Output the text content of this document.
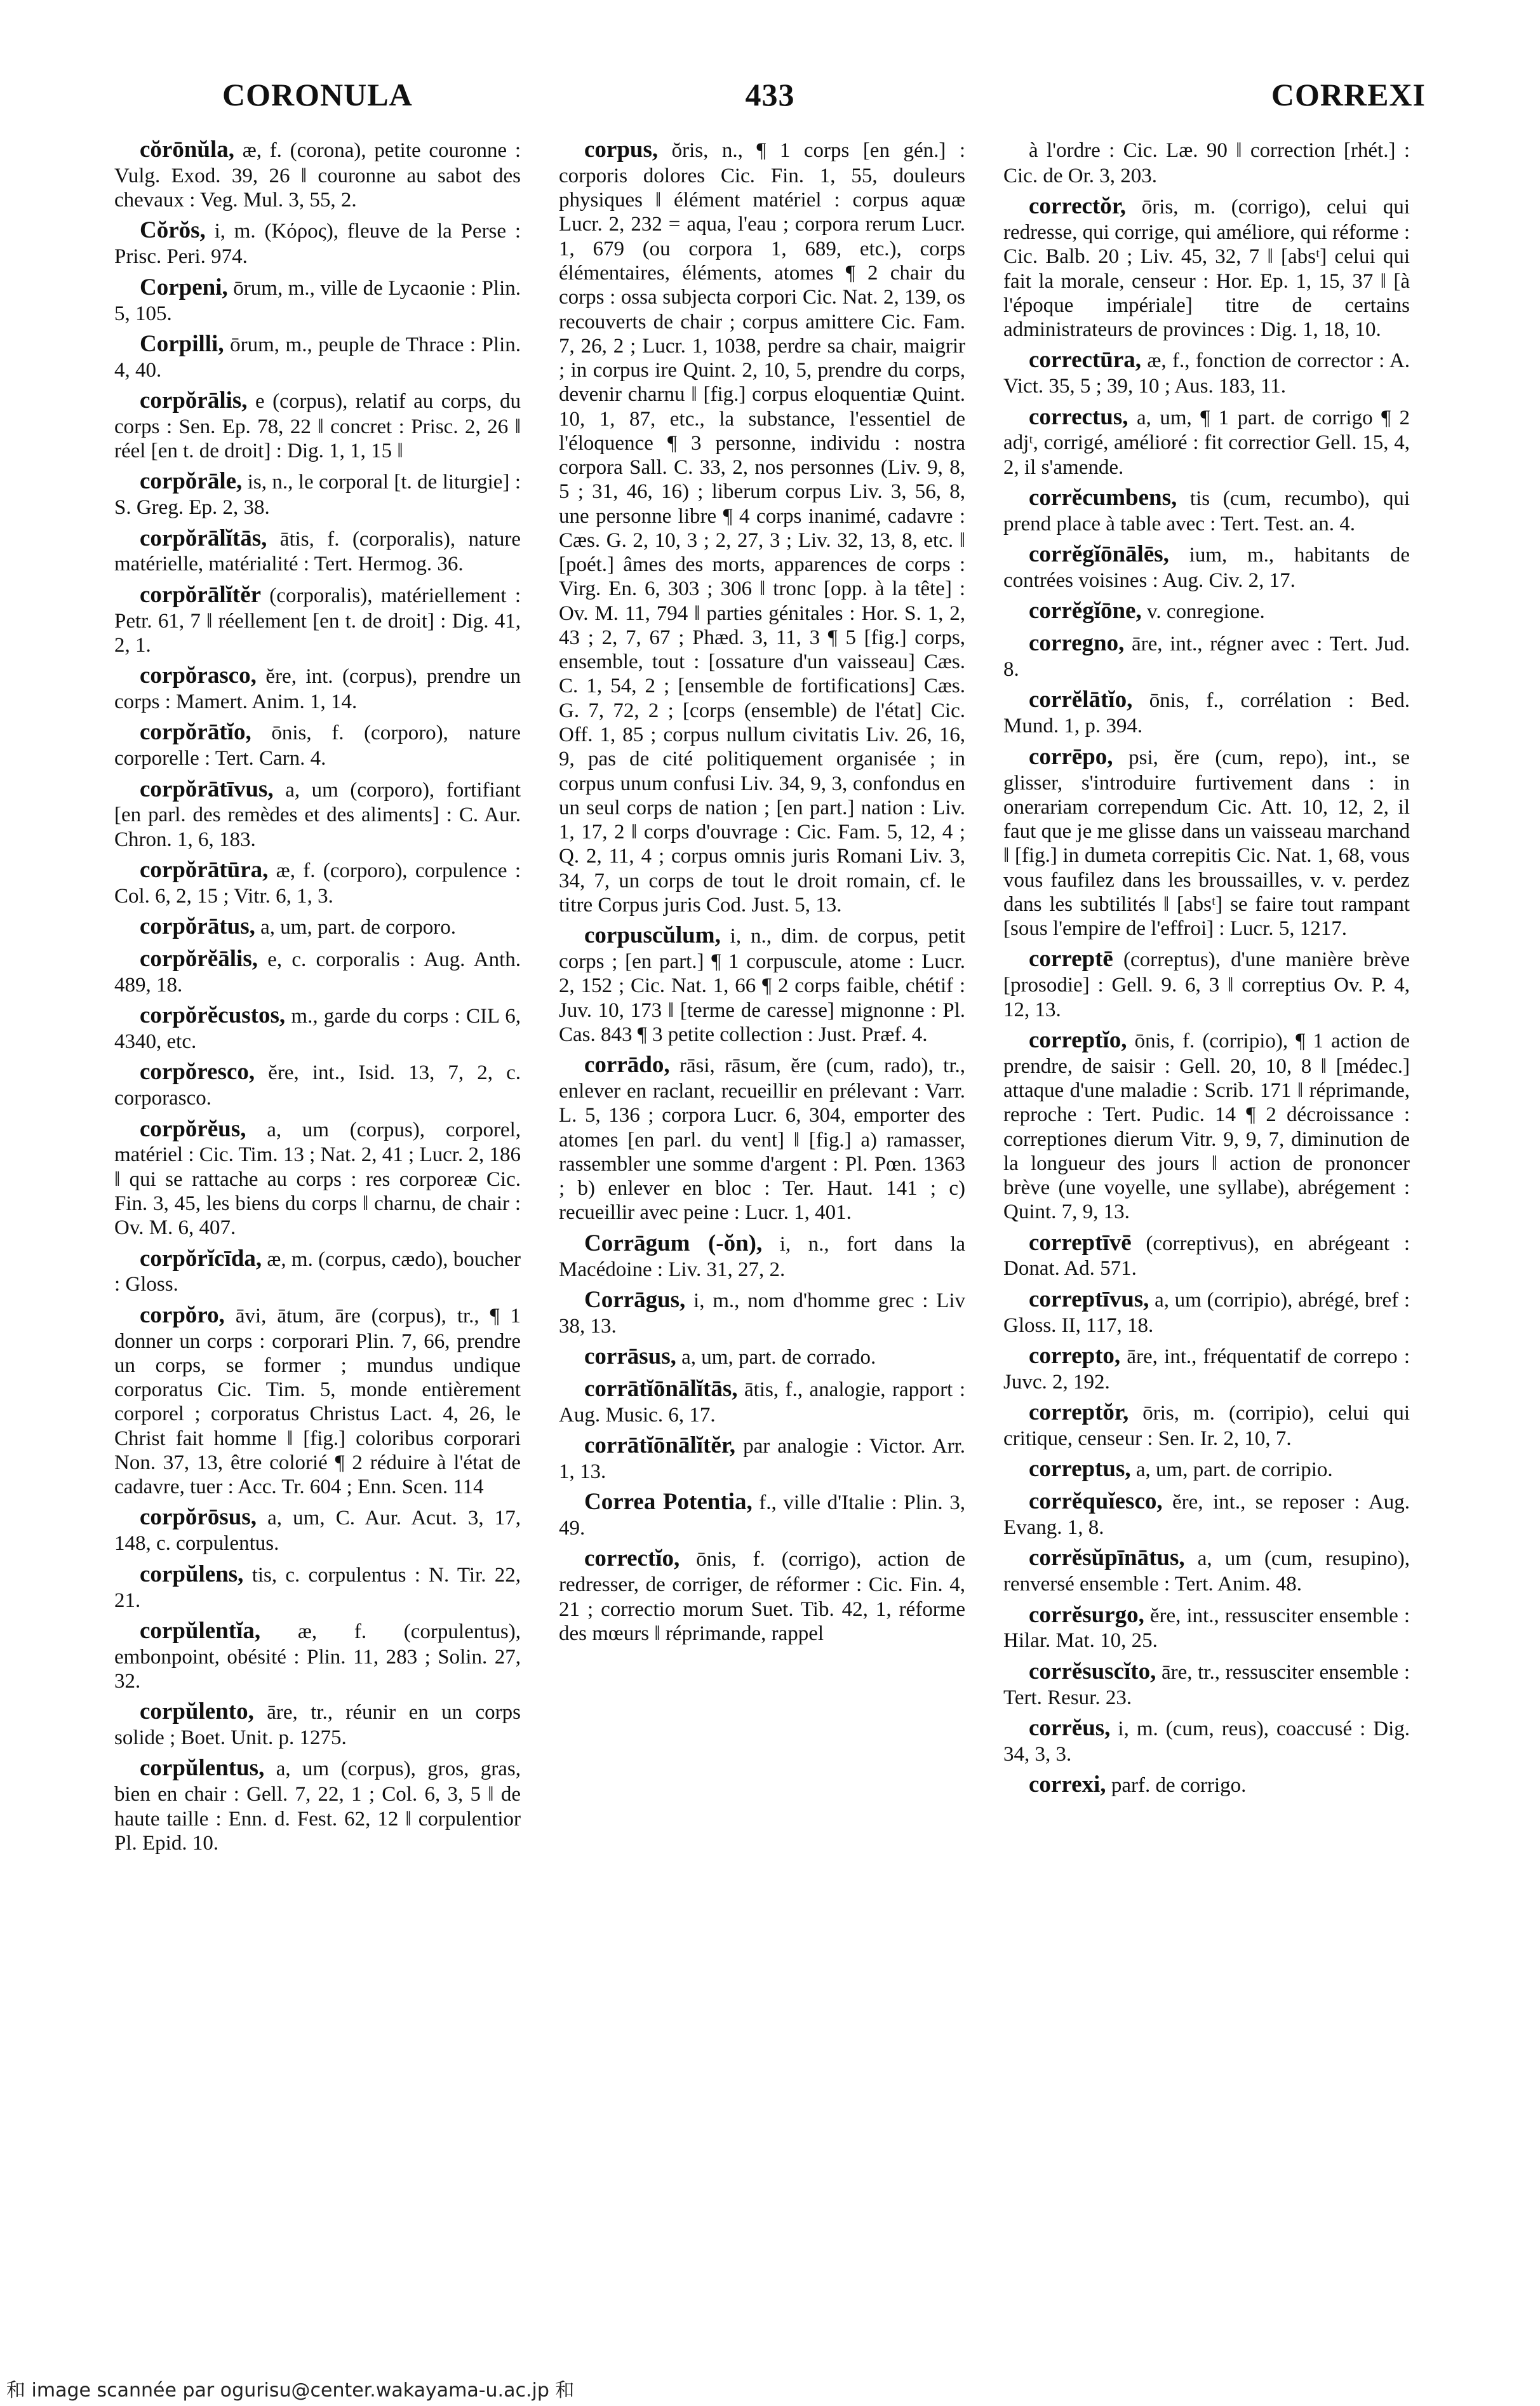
CORONULA	433	CORREXI

cŏrōnŭla, æ, f. (corona), petite couronne : Vulg. Exod. 39, 26 ‖ couronne au sabot des chevaux : Veg. Mul. 3, 55, 2.

Cŏrŏs, i, m. (Κόρος), fleuve de la Perse : Prisc. Peri. 974.

Corpeni, ōrum, m., ville de Lycaonie : Plin. 5, 105.

Corpilli, ōrum, m., peuple de Thrace : Plin. 4, 40.

corpŏrālis, e (corpus), relatif au corps, du corps : Sen. Ep. 78, 22 ‖ concret : Prisc. 2, 26 ‖ réel [en t. de droit] : Dig. 1, 1, 15 ‖

corpŏrāle, is, n., le corporal [t. de liturgie] : S. Greg. Ep. 2, 38.

corpŏrālĭtās, ātis, f. (corporalis), nature matérielle, matérialité : Tert. Hermog. 36.

corpŏrālĭtĕr (corporalis), matériellement : Petr. 61, 7 ‖ réellement [en t. de droit] : Dig. 41, 2, 1.

corpŏrasco, ĕre, int. (corpus), prendre un corps : Mamert. Anim. 1, 14.

corpŏrātĭo, ōnis, f. (corporo), nature corporelle : Tert. Carn. 4.

corpŏrātīvus, a, um (corporo), fortifiant [en parl. des remèdes et des aliments] : C. Aur. Chron. 1, 6, 183.

corpŏrātūra, æ, f. (corporo), corpulence : Col. 6, 2, 15 ; Vitr. 6, 1, 3.

corpŏrātus, a, um, part. de corporo.

corpŏrĕālis, e, c. corporalis : Aug. Anth. 489, 18.

corpŏrĕcustos, m., garde du corps : CIL 6, 4340, etc.

corpŏresco, ĕre, int., Isid. 13, 7, 2, c. corporasco.

corpŏrĕus, a, um (corpus), corporel, matériel : Cic. Tim. 13 ; Nat. 2, 41 ; Lucr. 2, 186 ‖ qui se rattache au corps : res corporeæ Cic. Fin. 3, 45, les biens du corps ‖ charnu, de chair : Ov. M. 6, 407.

corpŏrĭcīda, æ, m. (corpus, cædo), boucher : Gloss.

corpŏro, āvi, ātum, āre (corpus), tr., ¶ 1 donner un corps : corporari Plin. 7, 66, prendre un corps, se former ; mundus undique corporatus Cic. Tim. 5, monde entièrement corporel ; corporatus Christus Lact. 4, 26, le Christ fait homme ‖ [fig.] coloribus corporari Non. 37, 13, être colorié ¶ 2 réduire à l'état de cadavre, tuer : Acc. Tr. 604 ; Enn. Scen. 114

corpŏrōsus, a, um, C. Aur. Acut. 3, 17, 148, c. corpulentus.

corpŭlens, tis, c. corpulentus : N. Tir. 22, 21.

corpŭlentĭa, æ, f. (corpulentus), embonpoint, obésité : Plin. 11, 283 ; Solin. 27, 32.

corpŭlento, āre, tr., réunir en un corps solide ; Boet. Unit. p. 1275.

corpŭlentus, a, um (corpus), gros, gras, bien en chair : Gell. 7, 22, 1 ; Col. 6, 3, 5 ‖ de haute taille : Enn. d. Fest. 62, 12 ‖ corpulentior Pl. Epid. 10.

corpus, ŏris, n., ¶ 1 corps [en gén.] : corporis dolores Cic. Fin. 1, 55, douleurs physiques ‖ élément matériel : corpus aquæ Lucr. 2, 232 = aqua, l'eau ; corpora rerum Lucr. 1, 679 (ou corpora 1, 689, etc.), corps élémentaires, éléments, atomes ¶ 2 chair du corps : ossa subjecta corpori Cic. Nat. 2, 139, os recouverts de chair ; corpus amittere Cic. Fam. 7, 26, 2 ; Lucr. 1, 1038, perdre sa chair, maigrir ; in corpus ire Quint. 2, 10, 5, prendre du corps, devenir charnu ‖ [fig.] corpus eloquentiæ Quint. 10, 1, 87, etc., la substance, l'essentiel de l'éloquence ¶ 3 personne, individu : nostra corpora Sall. C. 33, 2, nos personnes (Liv. 9, 8, 5 ; 31, 46, 16) ; liberum corpus Liv. 3, 56, 8, une personne libre ¶ 4 corps inanimé, cadavre : Cæs. G. 2, 10, 3 ; 2, 27, 3 ; Liv. 32, 13, 8, etc. ‖ [poét.] âmes des morts, apparences de corps : Virg. En. 6, 303 ; 306 ‖ tronc [opp. à la tête] : Ov. M. 11, 794 ‖ parties génitales : Hor. S. 1, 2, 43 ; 2, 7, 67 ; Phæd. 3, 11, 3 ¶ 5 [fig.] corps, ensemble, tout : [ossature d'un vaisseau] Cæs. C. 1, 54, 2 ; [ensemble de fortifications] Cæs. G. 7, 72, 2 ; [corps (ensemble) de l'état] Cic. Off. 1, 85 ; corpus nullum civitatis Liv. 26, 16, 9, pas de cité politiquement organisée ; in corpus unum confusi Liv. 34, 9, 3, confondus en un seul corps de nation ; [en part.] nation : Liv. 1, 17, 2 ‖ corps d'ouvrage : Cic. Fam. 5, 12, 4 ; Q. 2, 11, 4 ; corpus omnis juris Romani Liv. 3, 34, 7, un corps de tout le droit romain, cf. le titre Corpus juris Cod. Just. 5, 13.

corpuscŭlum, i, n., dim. de corpus, petit corps ; [en part.] ¶ 1 corpuscule, atome : Lucr. 2, 152 ; Cic. Nat. 1, 66 ¶ 2 corps faible, chétif : Juv. 10, 173 ‖ [terme de caresse] mignonne : Pl. Cas. 843 ¶ 3 petite collection : Just. Præf. 4.

corrādo, rāsi, rāsum, ĕre (cum, rado), tr., enlever en raclant, recueillir en prélevant : Varr. L. 5, 136 ; corpora Lucr. 6, 304, emporter des atomes [en parl. du vent] ‖ [fig.] a) ramasser, rassembler une somme d'argent : Pl. Pœn. 1363 ; b) enlever en bloc : Ter. Haut. 141 ; c) recueillir avec peine : Lucr. 1, 401.

Corrāgum (-ŏn), i, n., fort dans la Macédoine : Liv. 31, 27, 2.

Corrāgus, i, m., nom d'homme grec : Liv 38, 13.

corrāsus, a, um, part. de corrado.

corrātĭōnālĭtās, ātis, f., analogie, rapport : Aug. Music. 6, 17.

corrātĭōnālĭtĕr, par analogie : Victor. Arr. 1, 13.

Correa Potentia, f., ville d'Italie : Plin. 3, 49.

correctĭo, ōnis, f. (corrigo), action de redresser, de corriger, de réformer : Cic. Fin. 4, 21 ; correctio morum Suet. Tib. 42, 1, réforme des mœurs ‖ réprimande, rappel

à l'ordre : Cic. Læ. 90 ‖ correction [rhét.] : Cic. de Or. 3, 203.

correctŏr, ōris, m. (corrigo), celui qui redresse, qui corrige, qui améliore, qui réforme : Cic. Balb. 20 ; Liv. 45, 32, 7 ‖ [absᵗ] celui qui fait la morale, censeur : Hor. Ep. 1, 15, 37 ‖ [à l'époque impériale] titre de certains administrateurs de provinces : Dig. 1, 18, 10.

correctūra, æ, f., fonction de corrector : A. Vict. 35, 5 ; 39, 10 ; Aus. 183, 11.

correctus, a, um, ¶ 1 part. de corrigo ¶ 2 adjᵗ, corrigé, amélioré : fit correctior Gell. 15, 4, 2, il s'amende.

corrĕcumbens, tis (cum, recumbo), qui prend place à table avec : Tert. Test. an. 4.

corrĕgĭōnālēs, ium, m., habitants de contrées voisines : Aug. Civ. 2, 17.

corrĕgĭōne, v. conregione.

corregno, āre, int., régner avec : Tert. Jud. 8.

corrĕlātĭo, ōnis, f., corrélation : Bed. Mund. 1, p. 394.

corrēpo, psi, ĕre (cum, repo), int., se glisser, s'introduire furtivement dans : in onerariam corrependum Cic. Att. 10, 12, 2, il faut que je me glisse dans un vaisseau marchand ‖ [fig.] in dumeta correpitis Cic. Nat. 1, 68, vous vous faufilez dans les broussailles, v. v. perdez dans les subtilités ‖ [absᵗ] se faire tout rampant [sous l'empire de l'effroi] : Lucr. 5, 1217.

correptē (correptus), d'une manière brève [prosodie] : Gell. 9. 6, 3 ‖ correptius Ov. P. 4, 12, 13.

correptĭo, ōnis, f. (corripio), ¶ 1 action de prendre, de saisir : Gell. 20, 10, 8 ‖ [médec.] attaque d'une maladie : Scrib. 171 ‖ réprimande, reproche : Tert. Pudic. 14 ¶ 2 décroissance : correptiones dierum Vitr. 9, 9, 7, diminution de la longueur des jours ‖ action de prononcer brève (une voyelle, une syllabe), abrégement : Quint. 7, 9, 13.

correptīvē (correptivus), en abrégeant : Donat. Ad. 571.

correptīvus, a, um (corripio), abrégé, bref : Gloss. II, 117, 18.

correpto, āre, int., fréquentatif de correpo : Juvc. 2, 192.

correptŏr, ōris, m. (corripio), celui qui critique, censeur : Sen. Ir. 2, 10, 7.

correptus, a, um, part. de corripio.

corrĕquĭesco, ĕre, int., se reposer : Aug. Evang. 1, 8.

corrĕsŭpīnātus, a, um (cum, resupino), renversé ensemble : Tert. Anim. 48.

corrĕsurgo, ĕre, int., ressusciter ensemble : Hilar. Mat. 10, 25.

corrĕsuscĭto, āre, tr., ressusciter ensemble : Tert. Resur. 23.

corrĕus, i, m. (cum, reus), coaccusé : Dig. 34, 3, 3.

correxi, parf. de corrigo.

和 image scannée par ogurisu@center.wakayama-u.ac.jp 和
